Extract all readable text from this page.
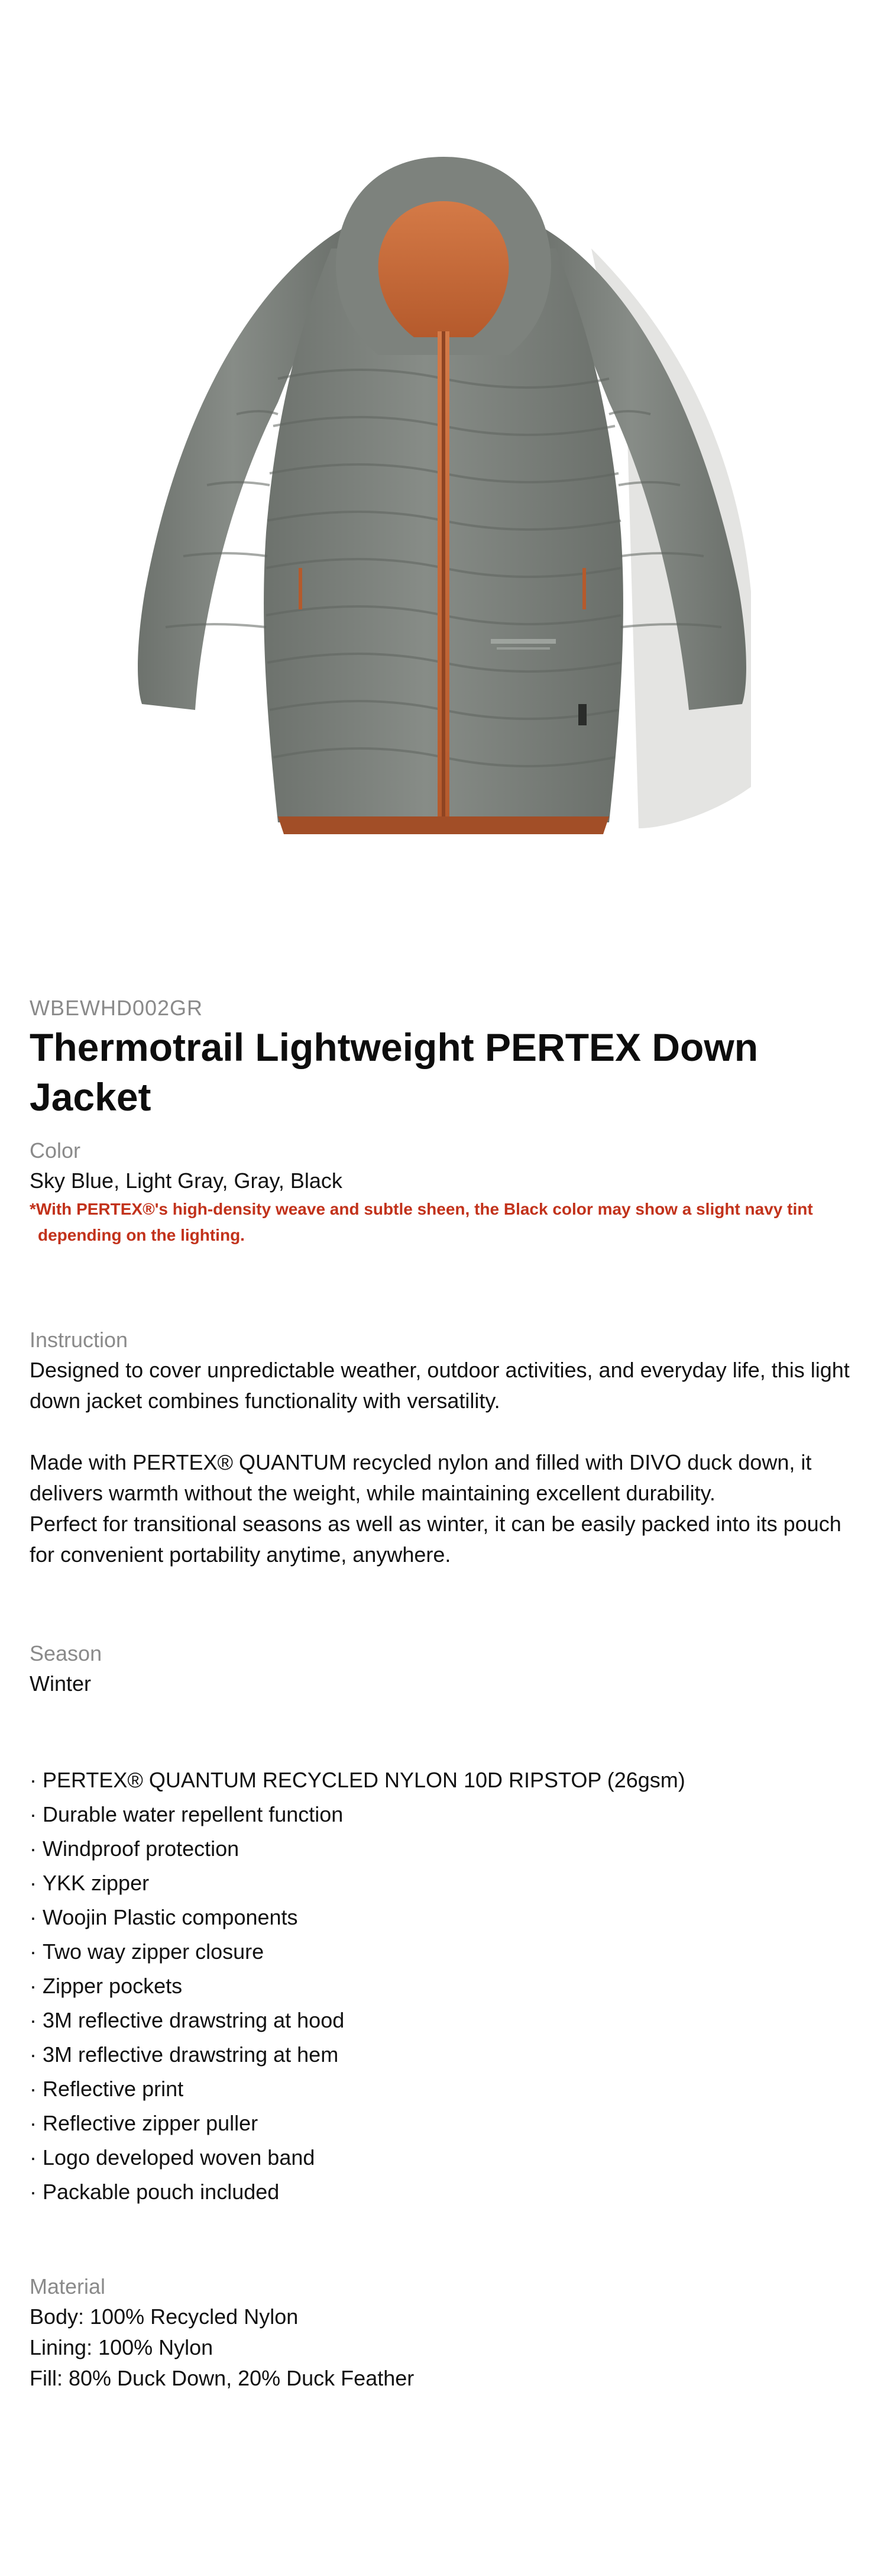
WBEWHD002GR

Thermotrail Lightweight PERTEX Down Jacket

Color

Sky Blue, Light Gray, Gray, Black

*With PERTEX®'s high-density weave and subtle sheen, the Black color may show a slight navy tint
depending on the lighting.

Instruction

Designed to cover unpredictable weather, outdoor activities, and everyday life, this light down jacket combines functionality with versatility.

Made with PERTEX® QUANTUM recycled nylon and filled with DIVO duck down, it delivers warmth without the weight, while maintaining excellent durability.

Perfect for transitional seasons as well as winter, it can be easily packed into its pouch for convenient portability anytime, anywhere.

Season

Winter

· PERTEX® QUANTUM RECYCLED NYLON 10D RIPSTOP (26gsm)
· Durable water repellent function
· Windproof protection
· YKK zipper
· Woojin Plastic components
· Two way zipper closure
· Zipper pockets
· 3M reflective drawstring at hood
· 3M reflective drawstring at hem
· Reflective print
· Reflective zipper puller
· Logo developed woven band
· Packable pouch included

Material

Body: 100% Recycled Nylon

Lining: 100% Nylon

Fill: 80% Duck Down, 20% Duck Feather
